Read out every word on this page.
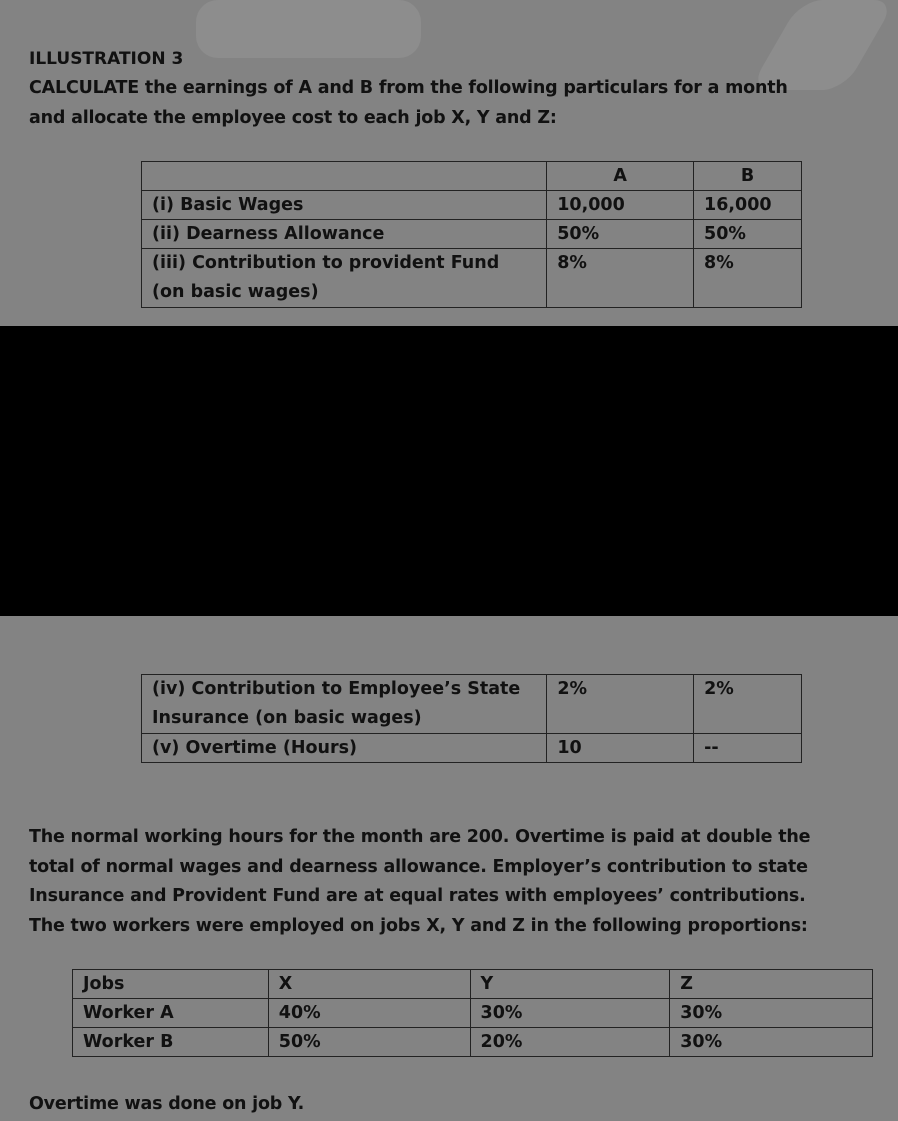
ILLUSTRATION 3
CALCULATE the earnings of A and B from the following particulars for a month
and allocate the employee cost to each job X, Y and Z:
	A	B
(i) Basic Wages	10,000	16,000
(ii) Dearness Allowance	50%	50%

(iii) Contribution to provident Fund
(on basic wages)	8%	8%
(iv) Contribution to Employee’s State
Insurance (on basic wages)	2%	2%
(v) Overtime (Hours)	10	--
The normal working hours for the month are 200. Overtime is paid at double the
total of normal wages and dearness allowance. Employer’s contribution to state
Insurance and Provident Fund are at equal rates with employees’ contributions.
The two workers were employed on jobs X, Y and Z in the following proportions:
Jobs	X	Y	Z
Worker A	40%	30%	30%
Worker B	50%	20%	30%
Overtime was done on job Y.
